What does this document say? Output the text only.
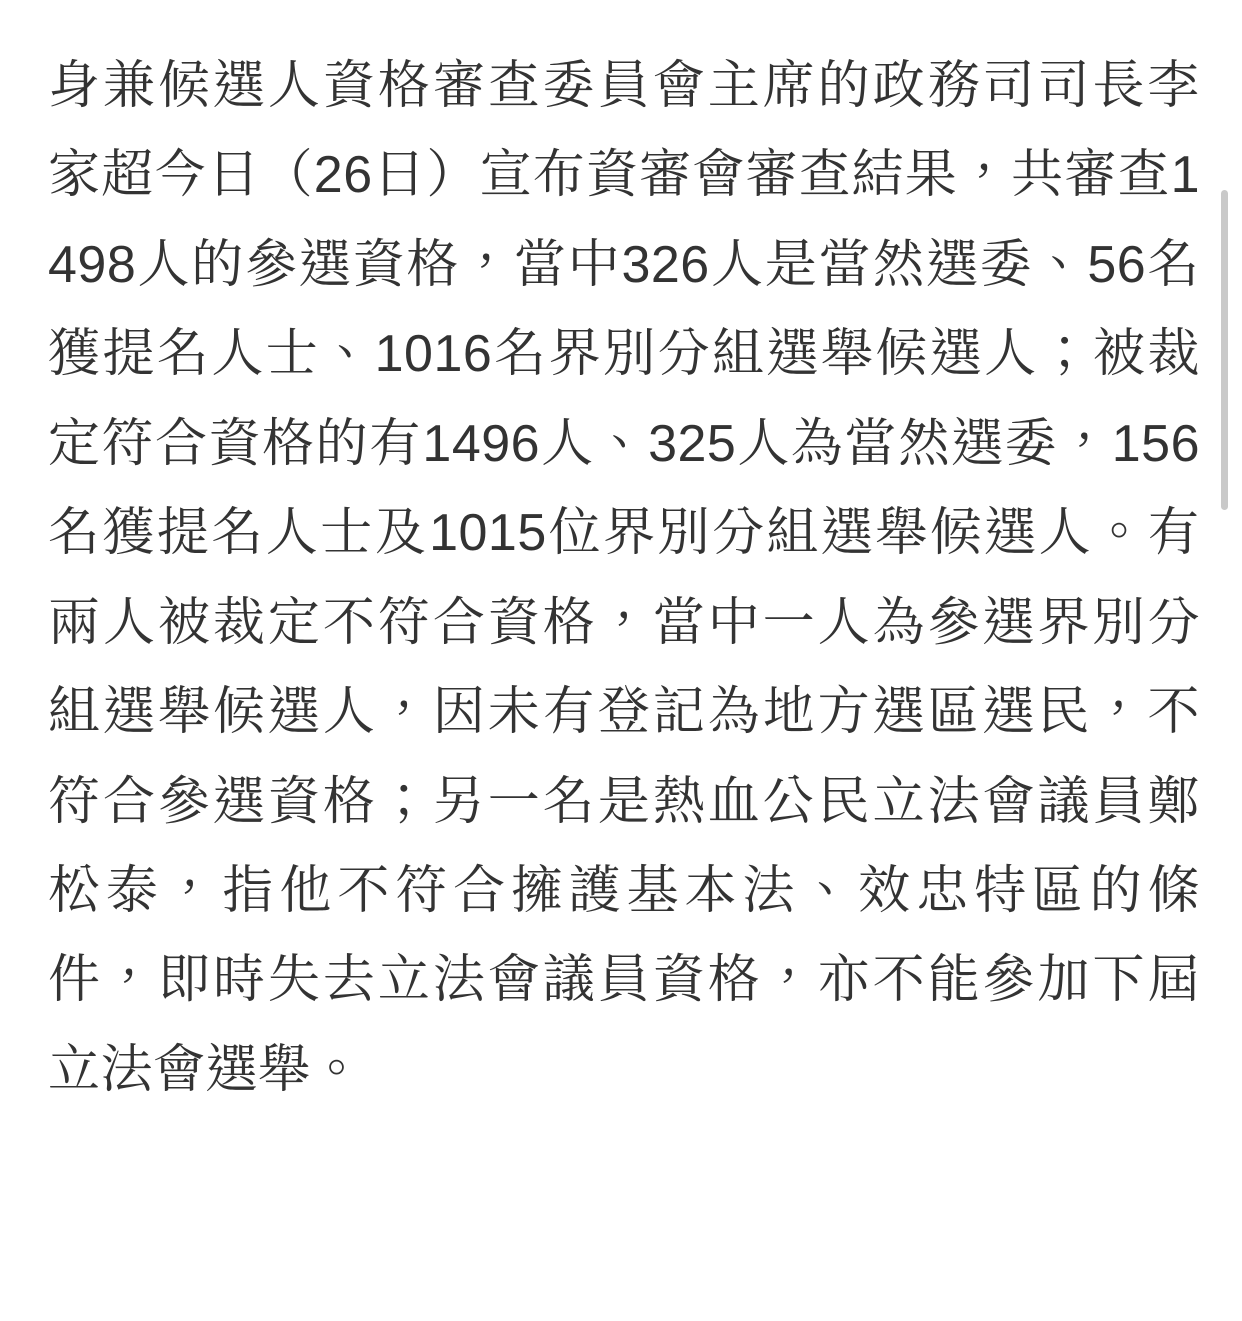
身兼候選人資格審查委員會主席的政務司司長李家超今日（26日）宣布資審會審查結果，共審查1498人的參選資格，當中326人是當然選委、56名獲提名人士、1016名界別分組選舉候選人；被裁定符合資格的有1496人、325人為當然選委，156名獲提名人士及1015位界別分組選舉候選人。有兩人被裁定不符合資格，當中一人為參選界別分組選舉候選人，因未有登記為地方選區選民，不符合參選資格；另一名是熱血公民立法會議員鄭松泰，指他不符合擁護基本法、效忠特區的條件，即時失去立法會議員資格，亦不能參加下屆立法會選舉。
